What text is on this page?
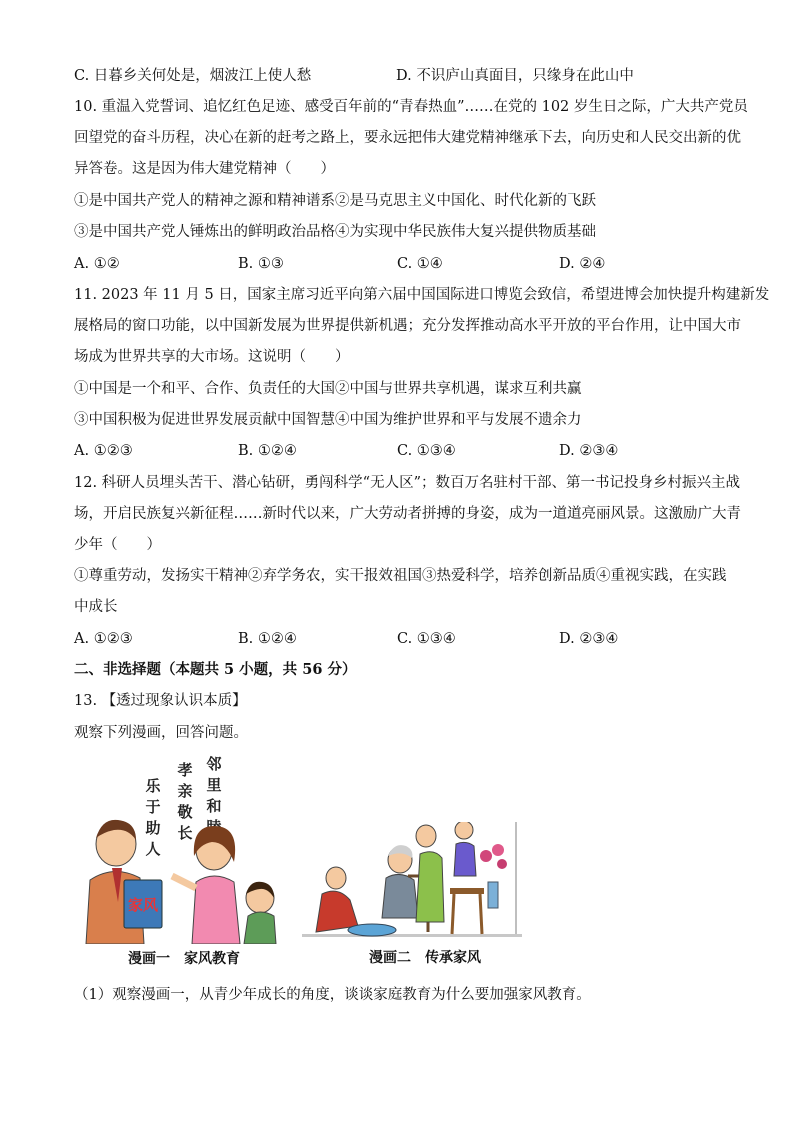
C. 日暮乡关何处是，烟波江上使人愁	D. 不识庐山真面目，只缘身在此山中
10. 重温入党誓词、追忆红色足迹、感受百年前的“青春热血”……在党的 102 岁生日之际，广大共产党员
回望党的奋斗历程，决心在新的赶考之路上，要永远把伟大建党精神继承下去，向历史和人民交出新的优
异答卷。这是因为伟大建党精神（　　）
①是中国共产党人的精神之源和精神谱系②是马克思主义中国化、时代化新的飞跃
③是中国共产党人锤炼出的鲜明政治品格④为实现中华民族伟大复兴提供物质基础
A. ①②	B. ①③	C. ①④	D. ②④
11. 2023 年 11 月 5 日，国家主席习近平向第六届中国国际进口博览会致信，希望进博会加快提升构建新发
展格局的窗口功能，以中国新发展为世界提供新机遇；充分发挥推动高水平开放的平台作用，让中国大市
场成为世界共享的大市场。这说明（　　）
①中国是一个和平、合作、负责任的大国②中国与世界共享机遇，谋求互利共赢
③中国积极为促进世界发展贡献中国智慧④中国为维护世界和平与发展不遗余力
A. ①②③	B. ①②④	C. ①③④	D. ②③④
12. 科研人员埋头苦干、潜心钻研，勇闯科学“无人区”；数百万名驻村干部、第一书记投身乡村振兴主战
场，开启民族复兴新征程……新时代以来，广大劳动者拼搏的身姿，成为一道道亮丽风景。这激励广大青
少年（　　）
①尊重劳动，发扬实干精神②弃学务农，实干报效祖国③热爱科学，培养创新品质④重视实践，在实践
中成长
A. ①②③	B. ①②④	C. ①③④	D. ②③④
二、非选择题（本题共 5 小题，共 56 分）
13. 【透过现象认识本质】
观察下列漫画，回答问题。
乐
于
助
人
孝
亲
敬
长
邻
里
和
家风
漫画一　家风教育	漫画二　传承家风
（1）观察漫画一，从青少年成长的角度，谈谈家庭教育为什么要加强家风教育。
